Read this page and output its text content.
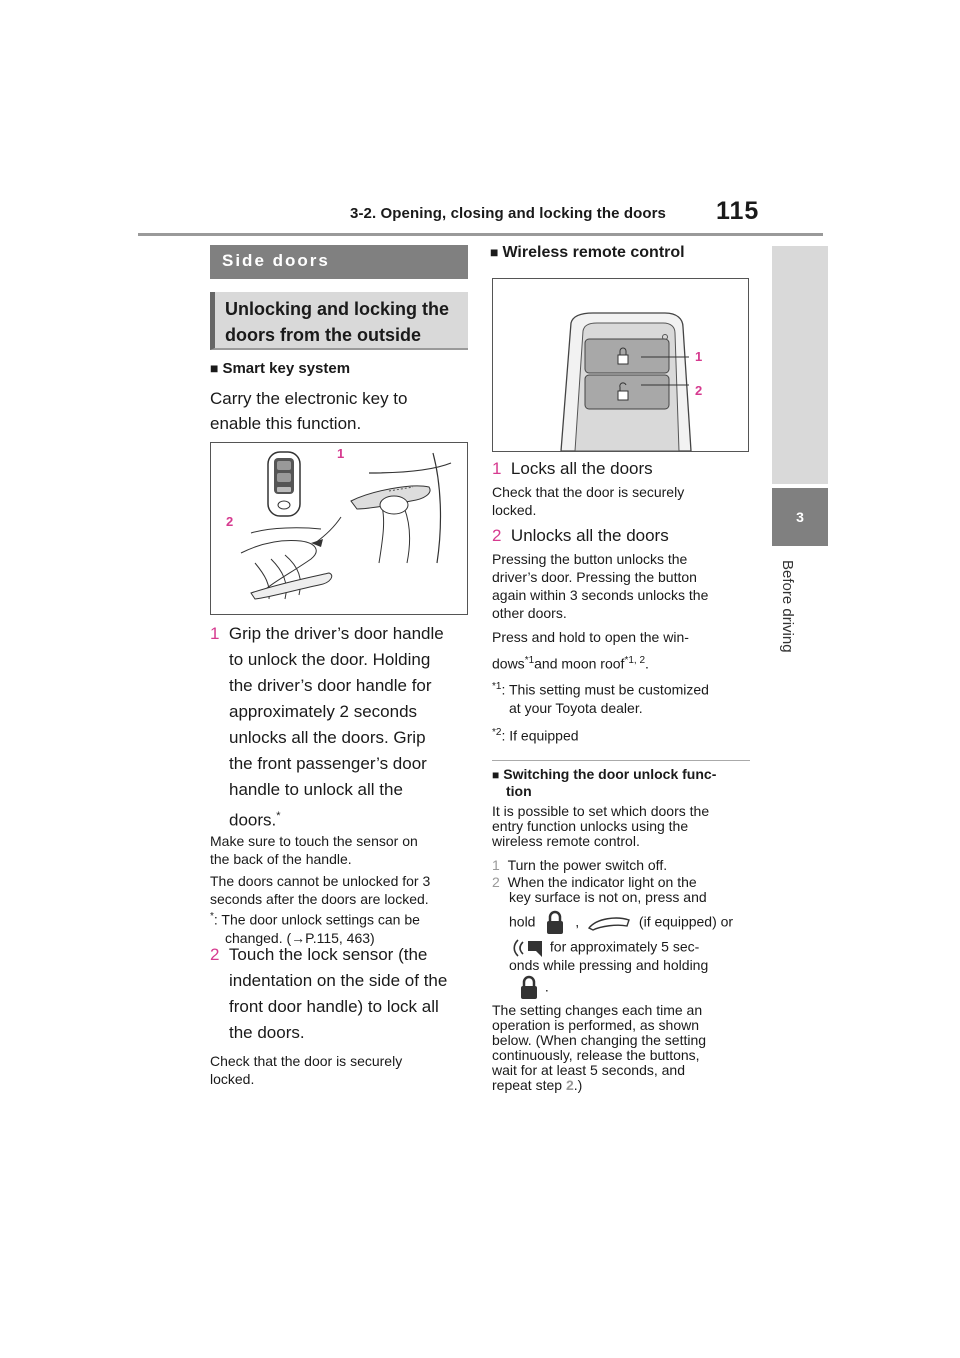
3-2. Opening, closing and locking the doors 115
3
Before driving
Side doors
Unlocking and locking the doors from the outside
■ Smart key system
Carry the electronic key to enable this function.
1
2
1 Grip the driver’s door handle
to unlock the door. Holding
the driver’s door handle for
approximately 2 seconds
unlocks all the doors. Grip
the front passenger’s door
handle to unlock all the
doors.*
Make sure to touch the sensor on
the back of the handle.
The doors cannot be unlocked for 3
seconds after the doors are locked.
*: The door unlock settings can be
changed. (→P.115, 463)
2 Touch the lock sensor (the
indentation on the side of the
front door handle) to lock all
the doors.
Check that the door is securely
locked.
■ Wireless remote control
1
2
1 Locks all the doors
Check that the door is securely
locked.
2 Unlocks all the doors
Pressing the button unlocks the
driver’s door. Pressing the button
again within 3 seconds unlocks the
other doors.
Press and hold to open the win-
dows$^{*1}$and moon roof$^{*1, 2}$.
$^{*1}$: This setting must be customized
at your Toyota dealer.
$^{*2}$: If equipped
■ Switching the door unlock func-
tion
It is possible to set which doors the
entry function unlocks using the
wireless remote control.
1 Turn the power switch off.
2 When the indicator light on the
key surface is not on, press and
hold	,	(if equipped) or
for approximately 5 sec-
onds while pressing and holding
.
The setting changes each time an
operation is performed, as shown
below. (When changing the setting
continuously, release the buttons,
wait for at least 5 seconds, and
repeat step 2.)
